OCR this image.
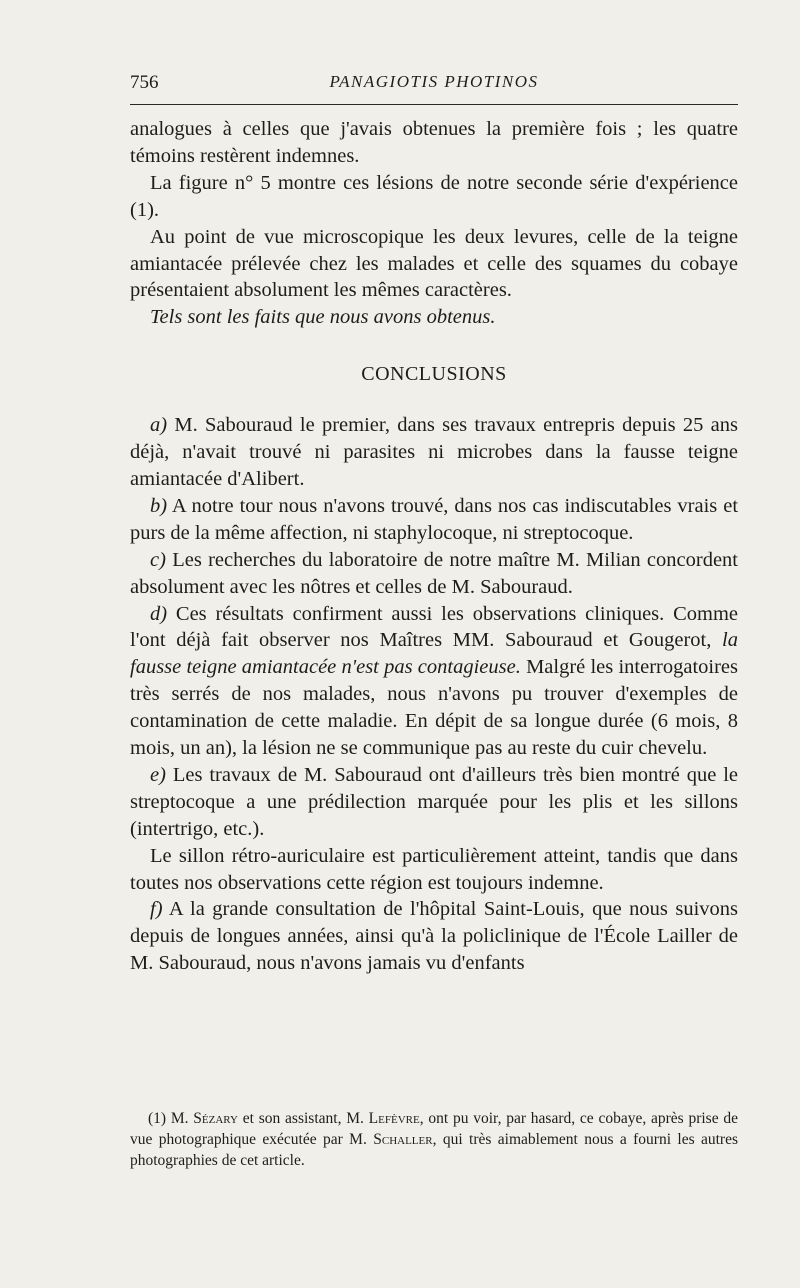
756	PANAGIOTIS PHOTINOS

analogues à celles que j'avais obtenues la première fois ; les quatre témoins restèrent indemnes.

La figure n° 5 montre ces lésions de notre seconde série d'expérience (1).

Au point de vue microscopique les deux levures, celle de la teigne amiantacée prélevée chez les malades et celle des squames du cobaye présentaient absolument les mêmes caractères.

Tels sont les faits que nous avons obtenus.

CONCLUSIONS

a) M. Sabouraud le premier, dans ses travaux entrepris depuis 25 ans déjà, n'avait trouvé ni parasites ni microbes dans la fausse teigne amiantacée d'Alibert.

b) A notre tour nous n'avons trouvé, dans nos cas indiscutables vrais et purs de la même affection, ni staphylocoque, ni streptocoque.

c) Les recherches du laboratoire de notre maître M. Milian concordent absolument avec les nôtres et celles de M. Sabouraud.

d) Ces résultats confirment aussi les observations cliniques. Comme l'ont déjà fait observer nos Maîtres MM. Sabouraud et Gougerot, la fausse teigne amiantacée n'est pas contagieuse. Malgré les interrogatoires très serrés de nos malades, nous n'avons pu trouver d'exemples de contamination de cette maladie. En dépit de sa longue durée (6 mois, 8 mois, un an), la lésion ne se communique pas au reste du cuir chevelu.

e) Les travaux de M. Sabouraud ont d'ailleurs très bien montré que le streptocoque a une prédilection marquée pour les plis et les sillons (intertrigo, etc.).

Le sillon rétro-auriculaire est particulièrement atteint, tandis que dans toutes nos observations cette région est toujours indemne.

f) A la grande consultation de l'hôpital Saint-Louis, que nous suivons depuis de longues années, ainsi qu'à la policlinique de l'École Lailler de M. Sabouraud, nous n'avons jamais vu d'enfants

(1) M. Sézary et son assistant, M. Lefèvre, ont pu voir, par hasard, ce cobaye, après prise de vue photographique exécutée par M. Schaller, qui très aimablement nous a fourni les autres photographies de cet article.
